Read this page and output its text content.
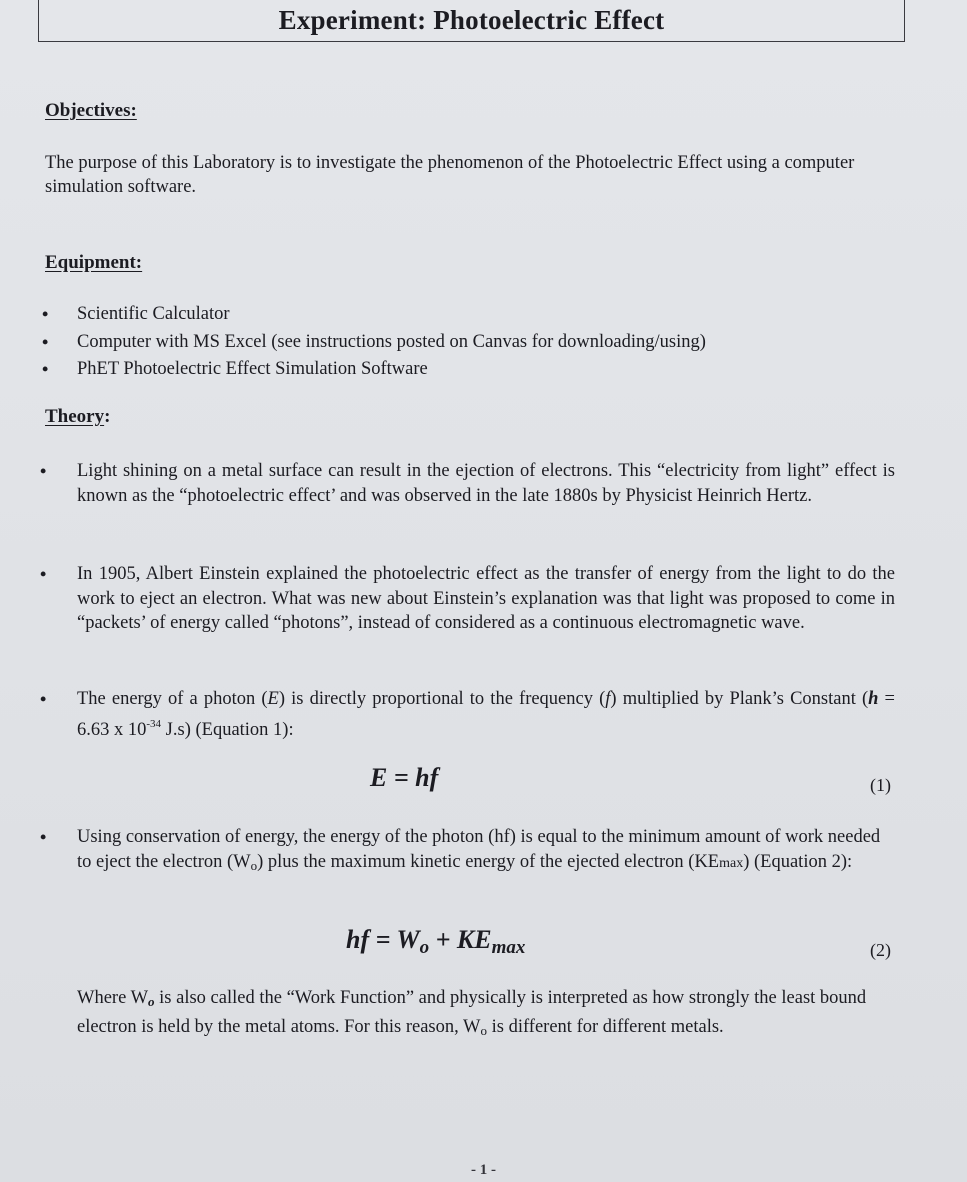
Experiment: Photoelectric Effect
Objectives:
The purpose of this Laboratory is to investigate the phenomenon of the Photoelectric Effect using a computer simulation software.
Equipment:
• Scientific Calculator
• Computer with MS Excel (see instructions posted on Canvas for downloading/using)
• PhET Photoelectric Effect Simulation Software
Theory:
• Light shining on a metal surface can result in the ejection of electrons. This “electricity from light” effect is known as the “photoelectric effect’ and was observed in the late 1880s by Physicist Heinrich Hertz.
• In 1905, Albert Einstein explained the photoelectric effect as the transfer of energy from the light to do the work to eject an electron. What was new about Einstein’s explanation was that light was proposed to come in “packets’ of energy called “photons”, instead of considered as a continuous electromagnetic wave.
• The energy of a photon (E) is directly proportional to the frequency (f) multiplied by Plank’s Constant (h = 6.63 x $10^{-34}$ J.s) (Equation 1):
E = hf	(1)
• Using conservation of energy, the energy of the photon (hf) is equal to the minimum amount of work needed to eject the electron $(W_o)$ plus the maximum kinetic energy of the ejected electron (KEmax) (Equation 2):
hf = Wo + KEmax	(2)
Where $W_o$ is also called the “Work Function” and physically is interpreted as how strongly the least bound electron is held by the metal atoms. For this reason, $W_o$ is different for different metals.
- 1 -
